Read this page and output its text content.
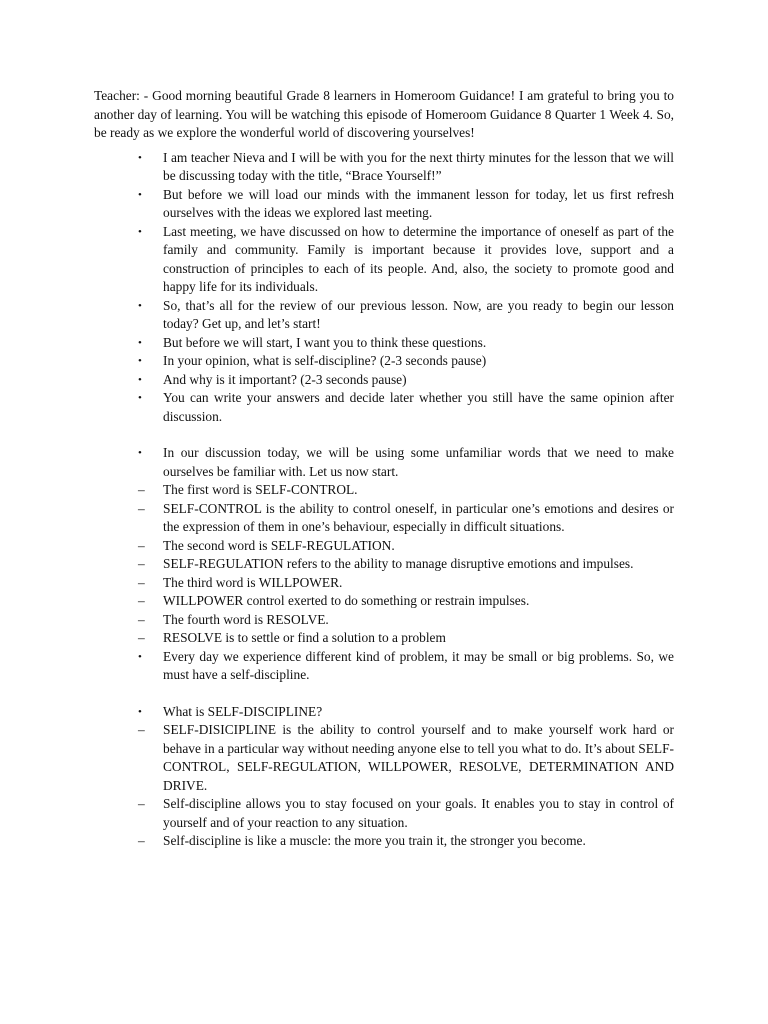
Teacher: - Good morning beautiful Grade 8 learners in Homeroom Guidance! I am grateful to bring you to another day of learning. You will be watching this episode of Homeroom Guidance 8 Quarter 1 Week 4. So, be ready as we explore the wonderful world of discovering yourselves!

•	I am teacher Nieva and I will be with you for the next thirty minutes for the lesson that we will be discussing today with the title, “Brace Yourself!”
•	But before we will load our minds with the immanent lesson for today, let us first refresh ourselves with the ideas we explored last meeting.
•	Last meeting, we have discussed on how to determine the importance of oneself as part of the family and community. Family is important because it provides love, support and a construction of principles to each of its people. And, also, the society to promote good and happy life for its individuals.
•	So, that’s all for the review of our previous lesson. Now, are you ready to begin our lesson today? Get up, and let’s start!
•	But before we will start, I want you to think these questions.
•	In your opinion, what is self-discipline? (2-3 seconds pause)
•	And why is it important? (2-3 seconds pause)
•	You can write your answers and decide later whether you still have the same opinion after discussion.
•	In our discussion today, we will be using some unfamiliar words that we need to make ourselves be familiar with. Let us now start.
–	The first word is SELF-CONTROL.
–	SELF-CONTROL is the ability to control oneself, in particular one’s emotions and desires or the expression of them in one’s behaviour, especially in difficult situations.
–	The second word is SELF-REGULATION.
–	SELF-REGULATION refers to the ability to manage disruptive emotions and impulses.
–	The third word is WILLPOWER.
–	WILLPOWER control exerted to do something or restrain impulses.
–	The fourth word is RESOLVE.
–	RESOLVE is to settle or find a solution to a problem
•	Every day we experience different kind of problem, it may be small or big problems. So, we must have a self-discipline.
•	What is SELF-DISCIPLINE?
–	SELF-DISICIPLINE is the ability to control yourself and to make yourself work hard or behave in a particular way without needing anyone else to tell you what to do. It’s about SELF-CONTROL, SELF-REGULATION, WILLPOWER, RESOLVE, DETERMINATION AND DRIVE.
–	Self-discipline allows you to stay focused on your goals. It enables you to stay in control of yourself and of your reaction to any situation.
–	Self-discipline is like a muscle: the more you train it, the stronger you become.
